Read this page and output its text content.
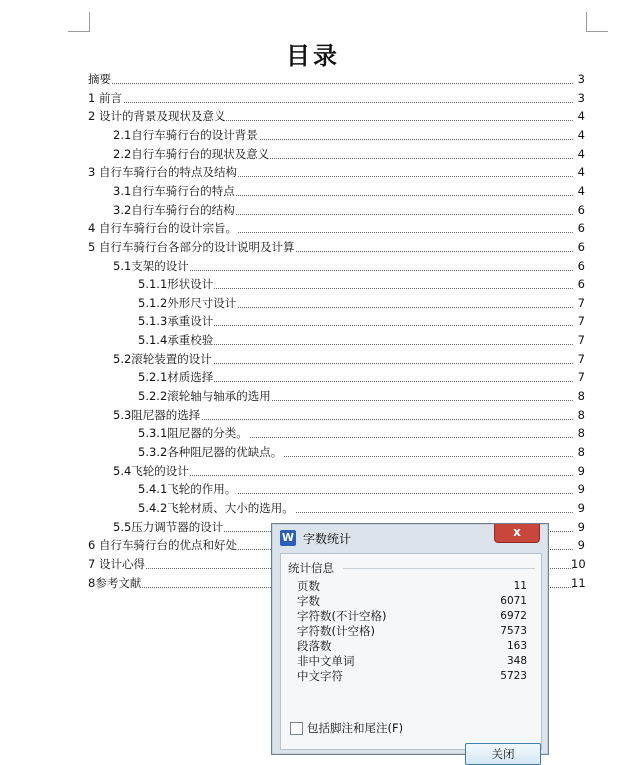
目录
摘要	3
1 前言	3
2 设计的背景及现状及意义	4
2.1自行车骑行台的设计背景	4
2.2自行车骑行台的现状及意义	4
3 自行车骑行台的特点及结构	4
3.1自行车骑行台的特点	4
3.2自行车骑行台的结构	6
4 自行车骑行台的设计宗旨。	6
5 自行车骑行台各部分的设计说明及计算	6
5.1支架的设计	6
5.1.1形状设计	6
5.1.2外形尺寸设计	7
5.1.3承重设计	7
5.1.4承重校验	7
5.2滚轮装置的设计	7
5.2.1材质选择	7
5.2.2滚轮轴与轴承的选用	8
5.3阻尼器的选择	8
5.3.1阻尼器的分类。	8
5.3.2各种阻尼器的优缺点。	8
5.4飞轮的设计	9
5.4.1飞轮的作用。	9
5.4.2飞轮材质、大小的选用。	9
5.5压力调节器的设计	9
6 自行车骑行台的优点和好处	9
7 设计心得	10
8参考文献	11
W 字数统计	x
统计信息
页数	11
字数	6071
字符数(不计空格)	6972
字符数(计空格)	7573
段落数	163
非中文单词	348
中文字符	5723
包括脚注和尾注(F)
关闭
